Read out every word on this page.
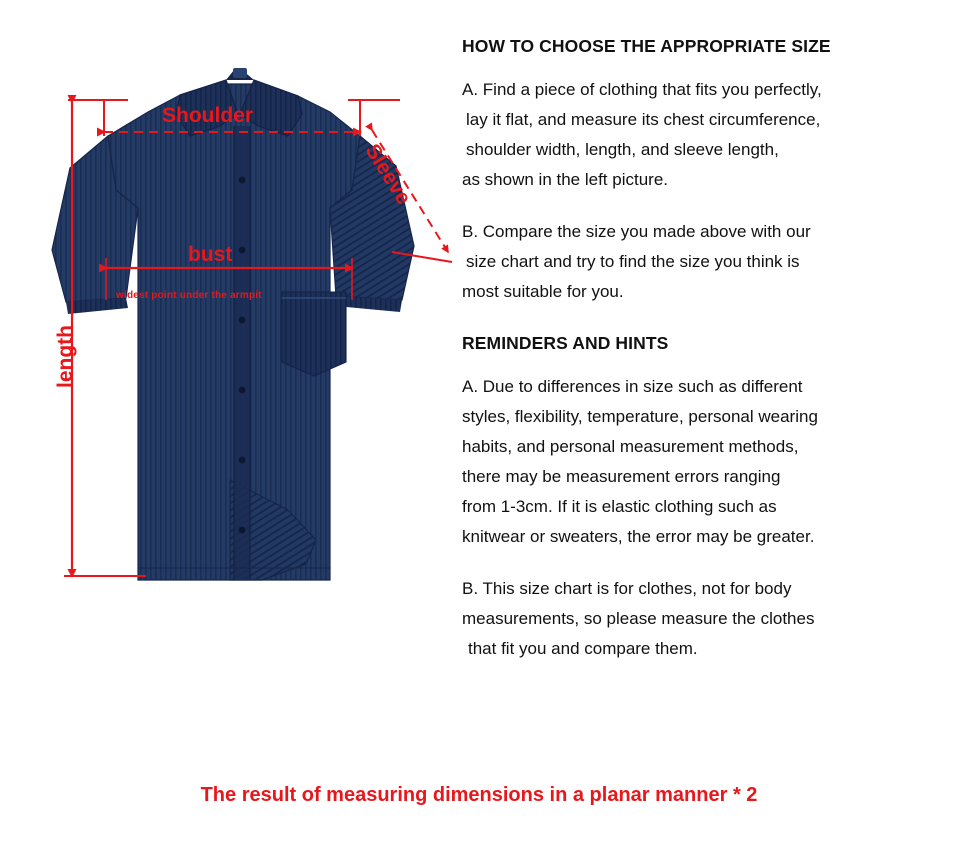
Shoulder
bust
widest point under the armpit
Sleeve
length
HOW TO CHOOSE THE APPROPRIATE SIZE
A. Find a piece of clothing that fits you perfectly,
lay it flat, and measure its chest circumference,
shoulder width, length, and sleeve length,
as shown in the left picture.
B. Compare the size you made above with our
size chart and try to find the size you think is
most suitable for you.
REMINDERS AND HINTS
A. Due to differences in size such as different
styles, flexibility, temperature, personal wearing
habits, and personal measurement methods,
there may be measurement errors ranging
from 1-3cm. If it is elastic clothing such as
knitwear or sweaters, the error may be greater.
B. This size chart is for clothes, not for body
measurements, so please measure the clothes
that fit you and compare them.
The result of measuring dimensions in a planar manner * 2
